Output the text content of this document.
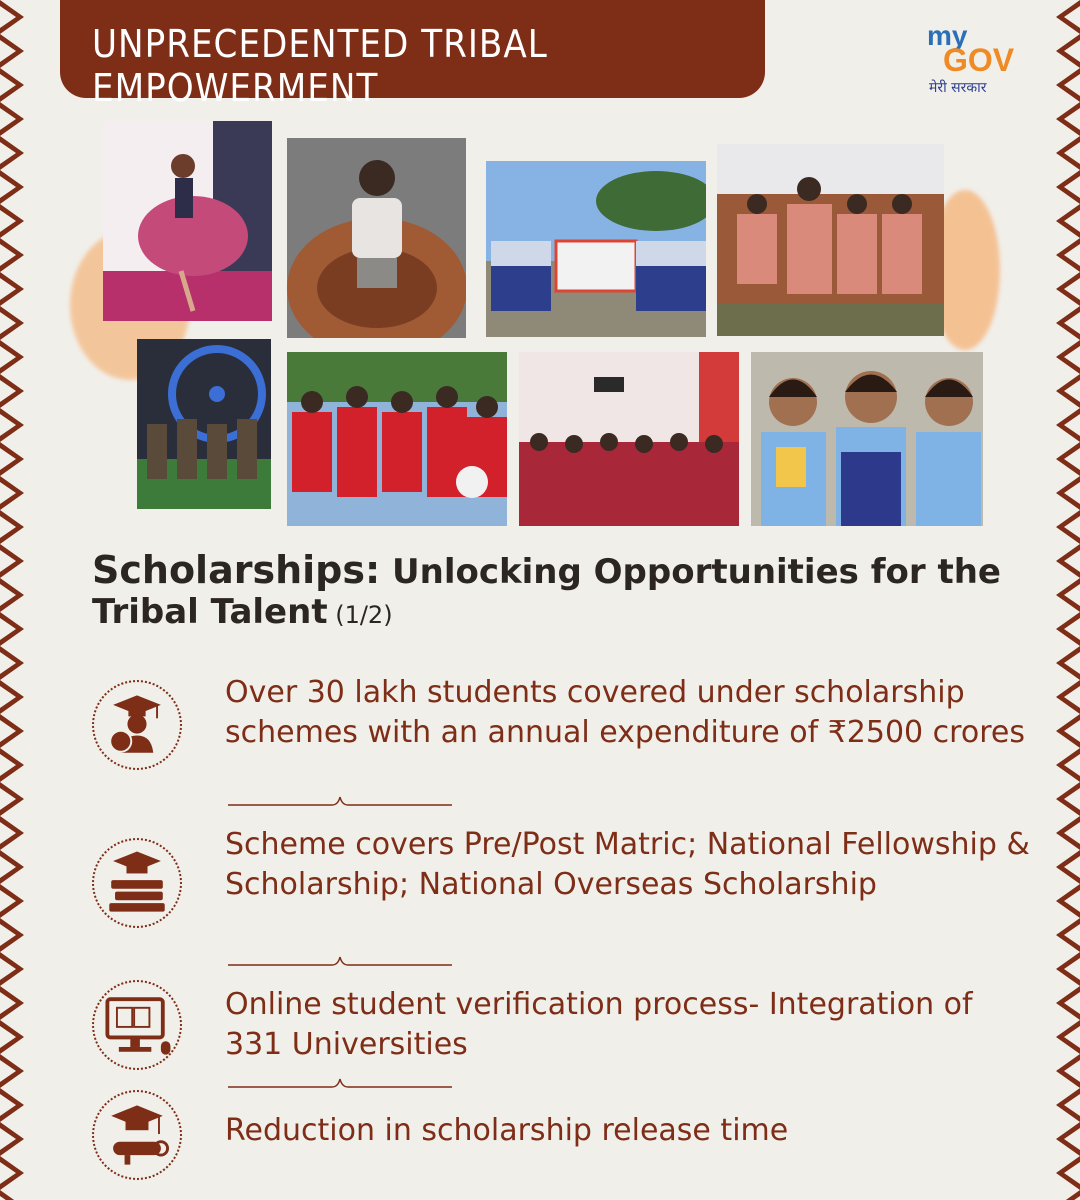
UNPRECEDENTED TRIBAL EMPOWERMENT
my
GOV
मेरी सरकार
Scholarships: Unlocking Opportunities for the Tribal Talent (1/2)
Over 30 lakh students covered under scholarship schemes with an annual expenditure of ₹2500 crores
Scheme covers Pre/Post Matric; National Fellowship & Scholarship; National Overseas Scholarship
Online student verification process- Integration of 331 Universities
Reduction in scholarship release time
